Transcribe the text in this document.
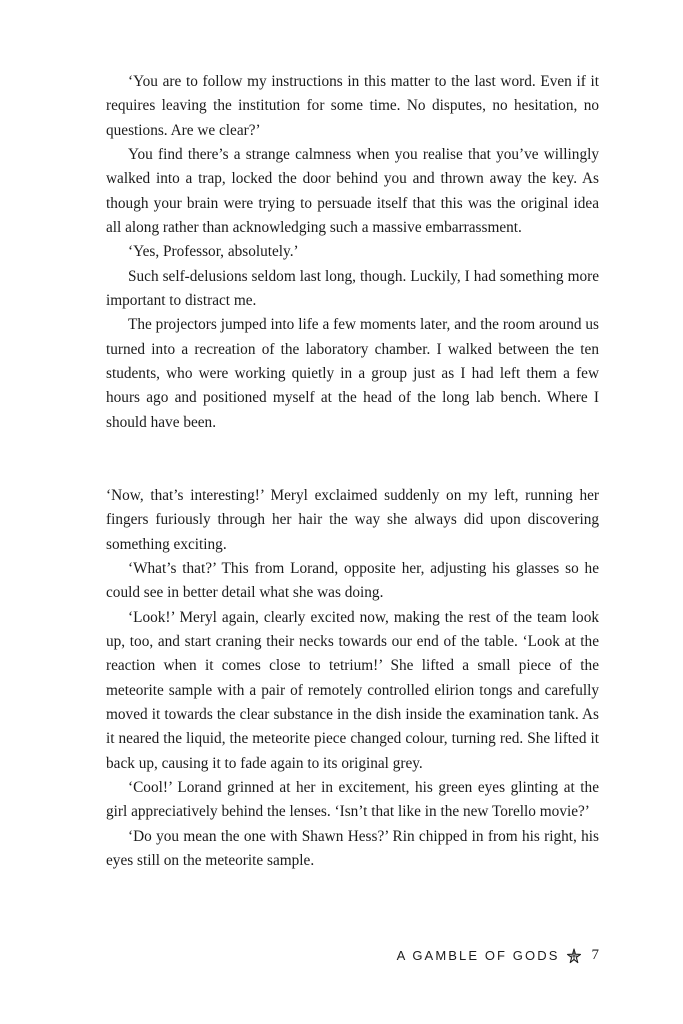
‘You are to follow my instructions in this matter to the last word. Even if it requires leaving the institution for some time. No disputes, no hesitation, no questions. Are we clear?’

You find there’s a strange calmness when you realise that you’ve willingly walked into a trap, locked the door behind you and thrown away the key. As though your brain were trying to persuade itself that this was the original idea all along rather than acknowledging such a massive embarrassment.

‘Yes, Professor, absolutely.’

Such self-delusions seldom last long, though. Luckily, I had something more important to distract me.

The projectors jumped into life a few moments later, and the room around us turned into a recreation of the laboratory chamber. I walked between the ten students, who were working quietly in a group just as I had left them a few hours ago and positioned myself at the head of the long lab bench. Where I should have been.

‘Now, that’s interesting!’ Meryl exclaimed suddenly on my left, running her fingers furiously through her hair the way she always did upon discovering something exciting.

‘What’s that?’ This from Lorand, opposite her, adjusting his glasses so he could see in better detail what she was doing.

‘Look!’ Meryl again, clearly excited now, making the rest of the team look up, too, and start craning their necks towards our end of the table. ‘Look at the reaction when it comes close to tetrium!’ She lifted a small piece of the meteorite sample with a pair of remotely controlled elirion tongs and carefully moved it towards the clear substance in the dish inside the examination tank. As it neared the liquid, the meteorite piece changed colour, turning red. She lifted it back up, causing it to fade again to its original grey.

‘Cool!’ Lorand grinned at her in excitement, his green eyes glinting at the girl appreciatively behind the lenses. ‘Isn’t that like in the new Torello movie?’

‘Do you mean the one with Shawn Hess?’ Rin chipped in from his right, his eyes still on the meteorite sample.

A GAMBLE OF GODS 7
